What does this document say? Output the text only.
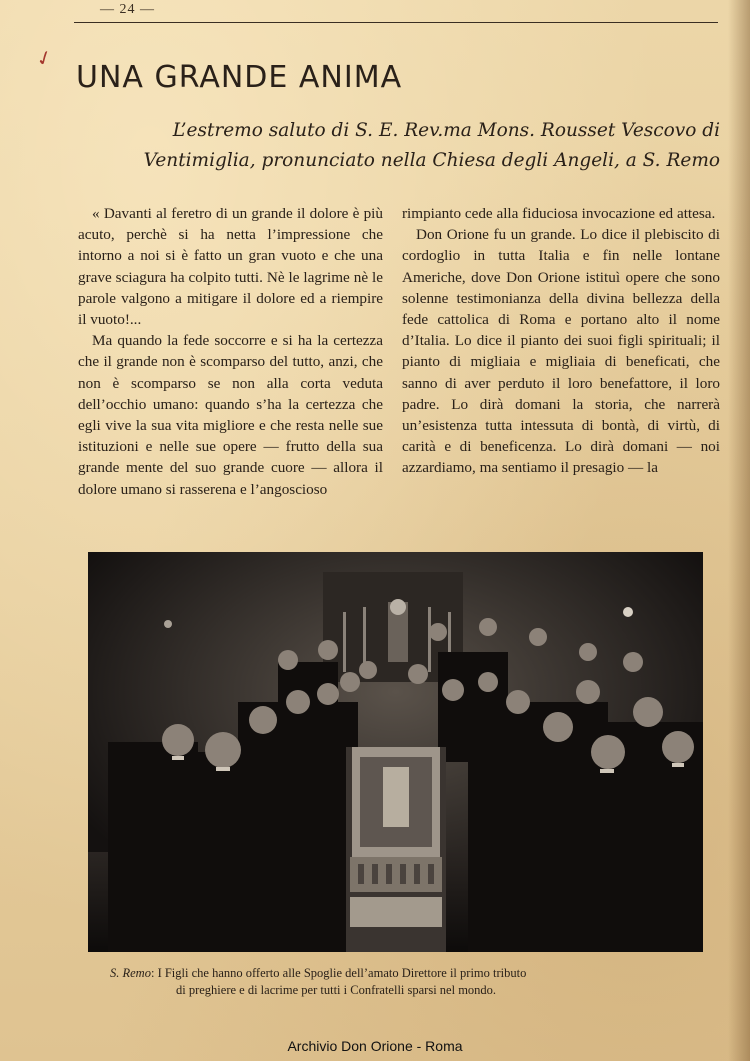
— 24 —
✓
UNA GRANDE ANIMA

L’estremo saluto di S. E. Rev.ma Mons. Rousset Vescovo di Ventimiglia, pronunciato nella Chiesa degli Angeli, a S. Remo

« Davanti al feretro di un grande il dolore è più acuto, perchè si ha netta l’impressione che intorno a noi si è fatto un gran vuoto e che una grave sciagura ha colpito tutti. Nè le lagrime nè le parole valgono a mitigare il dolore ed a riempire il vuoto!...

Ma quando la fede soccorre e si ha la certezza che il grande non è scomparso del tutto, anzi, che non è scomparso se non alla corta veduta dell’occhio umano: quando s’ha la certezza che egli vive la sua vita migliore e che resta nelle sue istituzioni e nelle sue opere — frutto della sua grande mente del suo grande cuore — allora il dolore umano si rasserena e l’angoscioso

rimpianto cede alla fiduciosa invocazione ed attesa.

Don Orione fu un grande. Lo dice il plebiscito di cordoglio in tutta Italia e fin nelle lontane Americhe, dove Don Orione istituì opere che sono solenne testimonianza della divina bellezza della fede cattolica di Roma e portano alto il nome d’Italia. Lo dice il pianto dei suoi figli spirituali; il pianto di migliaia e migliaia di beneficati, che sanno di aver perduto il loro benefattore, il loro padre. Lo dirà domani la storia, che narrerà un’esistenza tutta intessuta di bontà, di virtù, di carità e di beneficenza. Lo dirà domani — noi azzardiamo, ma sentiamo il presagio — la

S. Remo: I Figli che hanno offerto alle Spoglie dell’amato Direttore il primo tributo
di preghiere e di lacrime per tutti i Confratelli sparsi nel mondo.
Archivio Don Orione - Roma
